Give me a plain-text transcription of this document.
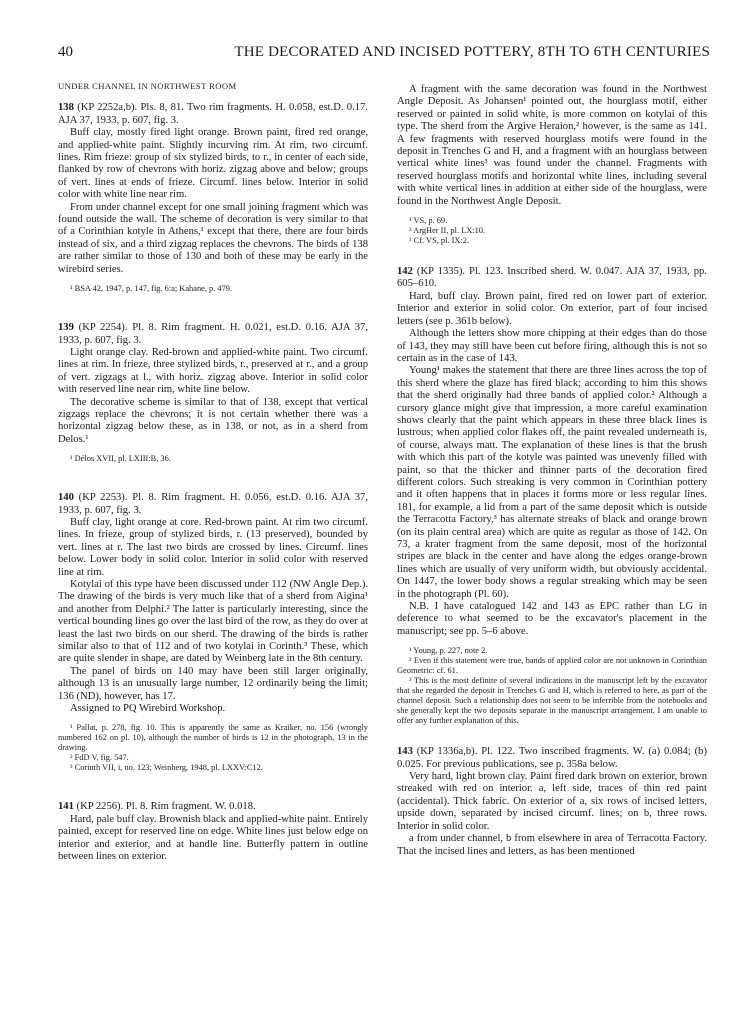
40	THE DECORATED AND INCISED POTTERY, 8TH TO 6TH CENTURIES
UNDER CHANNEL IN NORTHWEST ROOM

138 (KP 2252a,b). Pls. 8, 81. Two rim fragments. H. 0.058, est.D. 0.17. AJA 37, 1933, p. 607, fig. 3.

Buff clay, mostly fired light orange. Brown paint, fired red orange, and applied-white paint. Slightly incurving rim. At rim, two circumf. lines. Rim frieze: group of six stylized birds, to r., in center of each side, flanked by row of chevrons with horiz. zigzag above and below; groups of vert. lines at ends of frieze. Circumf. lines below. Interior in solid color with white line near rim.

From under channel except for one small joining fragment which was found outside the wall. The scheme of decoration is very similar to that of a Corinthian kotyle in Athens,¹ except that there, there are four birds instead of six, and a third zigzag replaces the chevrons. The birds of 138 are rather similar to those of 130 and both of these may be early in the wirebird series.

¹ BSA 42, 1947, p. 147, fig. 6:a; Kahane, p. 479.

139 (KP 2254). Pl. 8. Rim fragment. H. 0.021, est.D. 0.16. AJA 37, 1933, p. 607, fig. 3.

Light orange clay. Red-brown and applied-white paint. Two circumf. lines at rim. In frieze, three stylized birds, r., preserved at r., and a group of vert. zigzags at l., with horiz. zigzag above. Interior in solid color with reserved line near rim, white line below.

The decorative scheme is similar to that of 138, except that vertical zigzags replace the chevrons; it is not certain whether there was a horizontal zigzag below these, as in 138, or not, as in a sherd from Delos.¹

¹ Délos XVII, pl. LXIII:B, 36.

140 (KP 2253). Pl. 8. Rim fragment. H. 0.056, est.D. 0.16. AJA 37, 1933, p. 607, fig. 3.

Buff clay, light orange at core. Red-brown paint. At rim two circumf. lines. In frieze, group of stylized birds, r. (13 preserved), bounded by vert. lines at r. The last two birds are crossed by lines. Circumf. lines below. Lower body in solid color. Interior in solid color with reserved line at rim.

Kotylai of this type have been discussed under 112 (NW Angle Dep.). The drawing of the birds is very much like that of a sherd from Aigina¹ and another from Delphi.² The latter is particularly interesting, since the vertical bounding lines go over the last bird of the row, as they do over at least the last two birds on our sherd. The drawing of the birds is rather similar also to that of 112 and of two kotylai in Corinth.³ These, which are quite slender in shape, are dated by Weinberg late in the 8th century.

The panel of birds on 140 may have been still larger originally, although 13 is an unusually large number, 12 ordinarily being the limit; 136 (ND), however, has 17.

Assigned to PQ Wirebird Workshop.

¹ Pallat, p. 278, fig. 10. This is apparently the same as Kraiker, no. 156 (wrongly numbered 162 on pl. 10), although the number of birds is 12 in the photograph, 13 in the drawing.

² FdD V, fig. 547.

³ Corinth VII, i, no. 123; Weinberg, 1948, pl. LXXV:C12.

141 (KP 2256). Pl. 8. Rim fragment. W. 0.018.

Hard, pale buff clay. Brownish black and applied-white paint. Entirely painted, except for reserved line on edge. White lines just below edge on interior and exterior, and at handle line. Butterfly pattern in outline between lines on exterior.

A fragment with the same decoration was found in the Northwest Angle Deposit. As Johansen¹ pointed out, the hourglass motif, either reserved or painted in solid white, is more common on kotylai of this type. The sherd from the Argive Heraion,² however, is the same as 141. A few fragments with reserved hourglass motifs were found in the deposit in Trenches G and H, and a fragment with an hourglass between vertical white lines³ was found under the channel. Fragments with reserved hourglass motifs and horizontal white lines, including several with white vertical lines in addition at either side of the hourglass, were found in the Northwest Angle Deposit.

¹ VS, p. 69.

² ArgHer II, pl. LX:10.

³ Cf. VS, pl. IX:2.

142 (KP 1335). Pl. 123. Inscribed sherd. W. 0.047. AJA 37, 1933, pp. 605–610.

Hard, buff clay. Brown paint, fired red on lower part of exterior. Interior and exterior in solid color. On exterior, part of four incised letters (see p. 361b below).

Although the letters show more chipping at their edges than do those of 143, they may still have been cut before firing, although this is not so certain as in the case of 143.

Young¹ makes the statement that there are three lines across the top of this sherd where the glaze has fired black; according to him this shows that the sherd originally had three bands of applied color.² Although a cursory glance might give that impression, a more careful examination shows clearly that the paint which appears in these three black lines is lustrous; when applied color flakes off, the paint revealed underneath is, of course, always matt. The explanation of these lines is that the brush with which this part of the kotyle was painted was unevenly filled with paint, so that the thicker and thinner parts of the decoration fired different colors. Such streaking is very common in Corinthian pottery and it often happens that in places it forms more or less regular lines. 181, for example, a lid from a part of the same deposit which is outside the Terracotta Factory,³ has alternate streaks of black and orange brown (on its plain central area) which are quite as regular as those of 142. On 73, a krater fragment from the same deposit, most of the horizontal stripes are black in the center and have along the edges orange-brown lines which are usually of very uniform width, but obviously accidental. On 1447, the lower body shows a regular streaking which may be seen in the photograph (Pl. 60).

N.B. I have catalogued 142 and 143 as EPC rather than LG in deference to what seemed to be the excavator's placement in the manuscript; see pp. 5–6 above.

¹ Young, p. 227, note 2.

² Even if this statement were true, bands of applied color are not unknown in Corinthian Geometric: cf. 61.

³ This is the most definite of several indications in the manuscript left by the excavator that she regarded the deposit in Trenches G and H, which is referred to here, as part of the channel deposit. Such a relationship does not seem to be inferrible from the notebooks and she generally kept the two deposits separate in the manuscript arrangement. I am unable to offer any further explanation of this.

143 (KP 1336a,b). Pl. 122. Two inscribed fragments. W. (a) 0.084; (b) 0.025. For previous publications, see p. 358a below.

Very hard, light brown clay. Paint fired dark brown on exterior, brown streaked with red on interior. a, left side, traces of thin red paint (accidental). Thick fabric. On exterior of a, six rows of incised letters, upside down, separated by incised circumf. lines; on b, three rows. Interior in solid color.

a from under channel, b from elsewhere in area of Terracotta Factory. That the incised lines and letters, as has been mentioned
